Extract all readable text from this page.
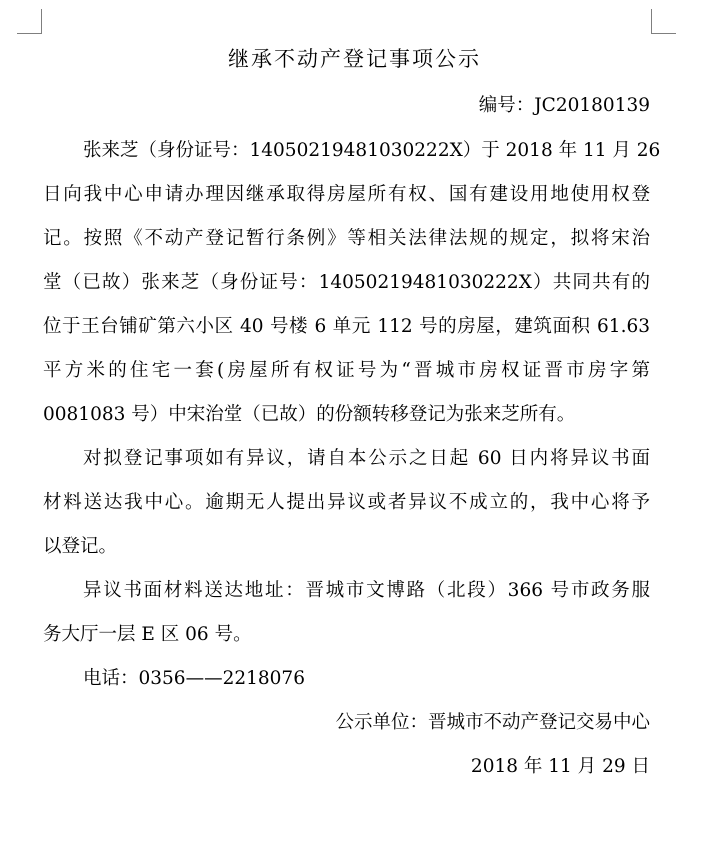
继承不动产登记事项公示
编号：JC20180139
张来芝（身份证号：14050219481030222X）于 2018 年 11 月 26
日向我中心申请办理因继承取得房屋所有权、国有建设用地使用权登
记。按照《不动产登记暂行条例》等相关法律法规的规定，拟将宋治
堂（已故）张来芝（身份证号：14050219481030222X）共同共有的
位于王台铺矿第六小区 40 号楼 6 单元 112 号的房屋，建筑面积 61.63
平方米的住宅一套(房屋所有权证号为“晋城市房权证晋市房字第
0081083 号）中宋治堂（已故）的份额转移登记为张来芝所有。
对拟登记事项如有异议，请自本公示之日起 60 日内将异议书面
材料送达我中心。逾期无人提出异议或者异议不成立的，我中心将予
以登记。
异议书面材料送达地址：晋城市文博路（北段）366 号市政务服
务大厅一层 E 区 06 号。
电话：0356——2218076
公示单位：晋城市不动产登记交易中心
2018 年 11 月 29 日
